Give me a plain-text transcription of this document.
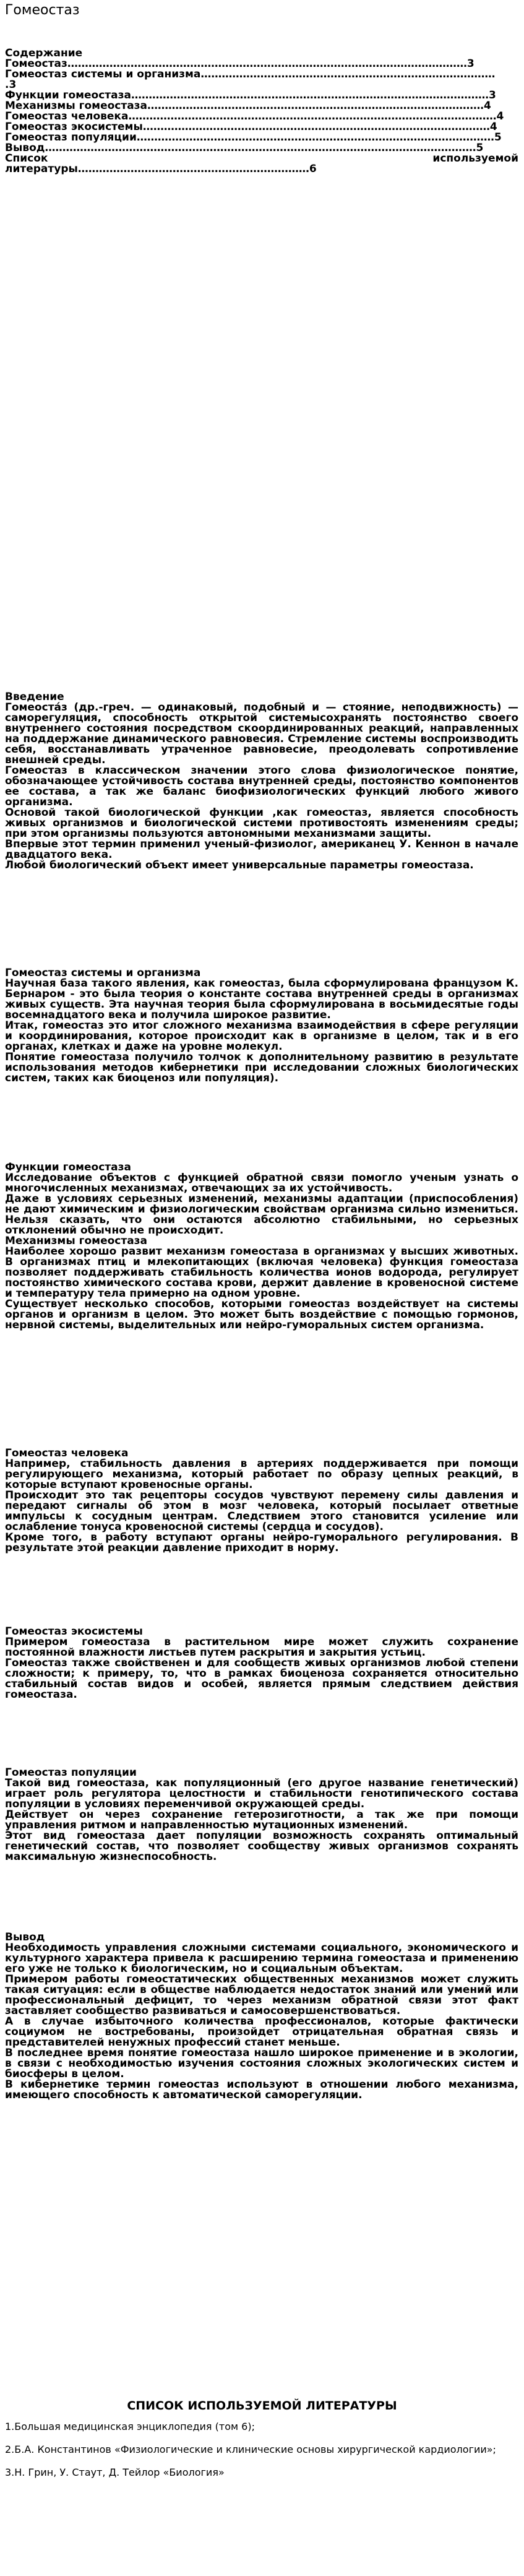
Гомеостаз
Содержание
Гомеостаз……………………………………………………………………………………………………3
Гомеостаз системы и организма…………………………………………………………………………
.3
Функции гомеостаза…………………………………………………………………………………………3
Механизмы гомеостаза……………………………………………………………………………………4
Гомеостаз человека……………………………………………………………………………………………4
Гомеостаз экосистемы………………………………………………………………………………………4
Гомеостаз популяции…………………………………………………………………………………………5
Вывод……………………………………………………………………………………………………………5
Список	используемой
литературы…………………………………………………………6

Введение

Гомеоста́з (др.-греч. — одинаковый, подобный и — стояние, неподвижность) — саморегуляция, способность открытой системысохранять постоянство своего внутреннего состояния посредством скоординированных реакций, направленных на поддержание динамического равновесия. Стремление системы воспроизводить себя, восстанавливать утраченное равновесие, преодолевать сопротивление внешней среды.

Гомеостаз в классическом значении этого слова физиологическое понятие, обозначающее устойчивость состава внутренней среды, постоянство компонентов ее состава, а так же баланс биофизиологических функций любого живого организма.

Основой такой биологической функции ,как гомеостаз, является способность живых организмов и биологической системи противостоять изменениям среды; при этом организмы пользуются автономными механизмами защиты.

Впервые этот термин применил ученый-физиолог, американец У. Кеннон в начале двадцатого века.

Любой биологический объект имеет универсальные параметры гомеостаза.

Гомеостаз системы и организма

Научная база такого явления, как гомеостаз, была сформулирована французом К. Бернаром - это была теория о константе состава внутренней среды в организмах живых существ. Эта научная теория была сформулирована в восьмидесятые годы восемнадцатого века и получила широкое развитие.

Итак, гомеостаз это итог сложного механизма взаимодействия в сфере регуляции и координирования, которое происходит как в организме в целом, так и в его органах, клетках и даже на уровне молекул.

Понятие гомеостаза получило толчок к дополнительному развитию в результате использования методов кибернетики при исследовании сложных биологических систем, таких как биоценоз или популяция).

Функции гомеостаза

Исследование объектов с функцией обратной связи помогло ученым узнать о многочисленных механизмах, отвечающих за их устойчивость.

Даже в условиях серьезных изменений, механизмы адаптации (приспособления) не дают химическим и физиологическим свойствам организма сильно измениться. Нельзя сказать, что они остаются абсолютно стабильными, но серьезных отклонений обычно не происходит.

Механизмы гомеостаза

Наиболее хорошо развит механизм гомеостаза в организмах у высших животных. В организмах птиц и млекопитающих (включая человека) функция гомеостаза позволяет поддерживать стабильность количества ионов водорода, регулирует постоянство химического состава крови, держит давление в кровеносной системе и температуру тела примерно на одном уровне.

Существует несколько способов, которыми гомеостаз воздействует на системы органов и организм в целом. Это может быть воздействие с помощью гормонов, нервной системы, выделительных или нейро-гуморальных систем организма.

Гомеостаз человека

Например, стабильность давления в артериях поддерживается при помощи регулирующего механизма, который работает по образу цепных реакций, в которые вступают кровеносные органы.

Происходит это так рецепторы сосудов чувствуют перемену силы давления и передают сигналы об этом в мозг человека, который посылает ответные импульсы к сосудным центрам. Следствием этого становится усиление или ослабление тонуса кровеносной системы (сердца и сосудов).

Кроме того, в работу вступают органы нейро-гуморального регулирования. В результате этой реакции давление приходит в норму.

Гомеостаз экосистемы

Примером гомеостаза в растительном мире может служить сохранение постоянной влажности листьев путем раскрытия и закрытия устьиц.

Гомеостаз также свойственен и для сообществ живых организмов любой степени сложности; к примеру, то, что в рамках биоценоза сохраняется относительно стабильный состав видов и особей, является прямым следствием действия гомеостаза.

Гомеостаз популяции

Такой вид гомеостаза, как популяционный (его другое название генетический) играет роль регулятора целостности и стабильности генотипического состава популяции в условиях переменчивой окружающей среды.

Действует он через сохранение гетерозиготности, а так же при помощи управления ритмом и направленностью мутационных изменений.

Этот вид гомеостаза дает популяции возможность сохранять оптимальный генетический состав, что позволяет сообществу живых организмов сохранять максимальную жизнеспособность.

Вывод

Необходимость управления сложными системами социального, экономического и культурного характера привела к расширению термина гомеостаза и применению его уже не только к биологическим, но и социальным объектам.

Примером работы гомеостатических общественных механизмов может служить такая ситуация: если в обществе наблюдается недостаток знаний или умений или профессиональный дефицит, то через механизм обратной связи этот факт заставляет сообщество развиваться и самосовершенствоваться.

А в случае избыточного количества профессионалов, которые фактически социумом не востребованы, произойдет отрицательная обратная связь и представителей ненужных профессий станет меньше.

В последнее время понятие гомеостаза нашло широкое применение и в экологии, в связи с необходимостью изучения состояния сложных экологических систем и биосферы в целом.

В кибернетике термин гомеостаз используют в отношении любого механизма, имеющего способность к автоматической саморегуляции.

СПИСОК ИСПОЛЬЗУЕМОЙ ЛИТЕРАТУРЫ
1.Большая медицинская энциклопедия (том 6);
2.Б.А. Константинов «Физиологические и клинические основы хирургической кардиологии»;
3.Н. Грин, У. Стаут, Д. Тейлор «Биология»
